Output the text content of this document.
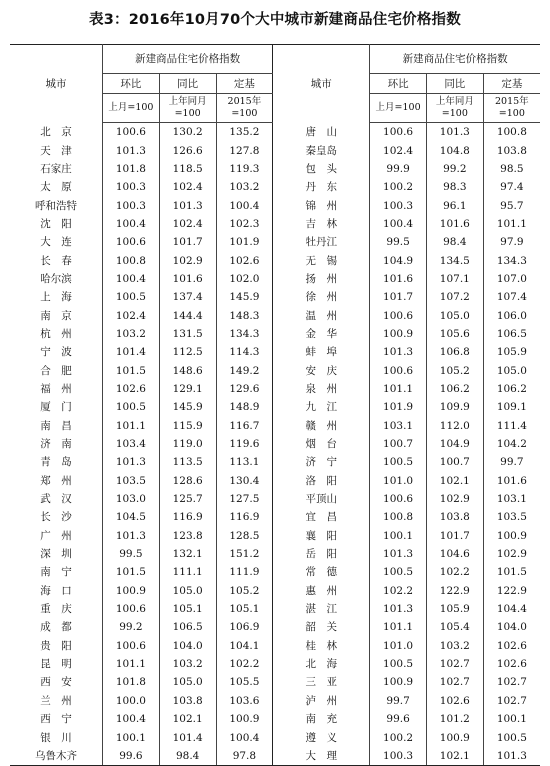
表3：2016年10月70个大中城市新建商品住宅价格指数
城市	新建商品住宅价格指数			城市	新建商品住宅价格指数		
	环比	同比	定基		环比	同比	定基
	上月=100	上年同月=100	2015年=100		上月=100	上年同月=100	2015年=100
北　京	100.6	130.2	135.2	唐　山	100.6	101.3	100.8
天　津	101.3	126.6	127.8	秦皇岛	102.4	104.8	103.8
石家庄	101.8	118.5	119.3	包　头	99.9	99.2	98.5
太　原	100.3	102.4	103.2	丹　东	100.2	98.3	97.4
呼和浩特	100.3	101.3	100.4	锦　州	100.3	96.1	95.7
沈　阳	100.4	102.4	102.3	吉　林	100.4	101.6	101.1
大　连	100.6	101.7	101.9	牡丹江	99.5	98.4	97.9
长　春	100.8	102.9	102.6	无　锡	104.9	134.5	134.3
哈尔滨	100.4	101.6	102.0	扬　州	101.6	107.1	107.0
上　海	100.5	137.4	145.9	徐　州	101.7	107.2	107.4
南　京	102.4	144.4	148.3	温　州	100.6	105.0	106.0
杭　州	103.2	131.5	134.3	金　华	100.9	105.6	106.5
宁　波	101.4	112.5	114.3	蚌　埠	101.3	106.8	105.9
合　肥	101.5	148.6	149.2	安　庆	100.6	105.2	105.0
福　州	102.6	129.1	129.6	泉　州	101.1	106.2	106.2
厦　门	100.5	145.9	148.9	九　江	101.9	109.9	109.1
南　昌	101.1	115.9	116.7	赣　州	103.1	112.0	111.4
济　南	103.4	119.0	119.6	烟　台	100.7	104.9	104.2
青　岛	101.3	113.5	113.1	济　宁	100.5	100.7	99.7
郑　州	103.5	128.6	130.4	洛　阳	101.0	102.1	101.6
武　汉	103.0	125.7	127.5	平顶山	100.6	102.9	103.1
长　沙	104.5	116.9	116.9	宜　昌	100.8	103.8	103.5
广　州	101.3	123.8	128.5	襄　阳	100.1	101.7	100.9
深　圳	99.5	132.1	151.2	岳　阳	101.3	104.6	102.9
南　宁	101.5	111.1	111.9	常　德	100.5	102.2	101.5
海　口	100.9	105.0	105.2	惠　州	102.2	122.9	122.9
重　庆	100.6	105.1	105.1	湛　江	101.3	105.9	104.4
成　都	99.2	106.5	106.9	韶　关	101.1	105.4	104.0
贵　阳	100.6	104.0	104.1	桂　林	101.0	103.2	102.6
昆　明	101.1	103.2	102.2	北　海	100.5	102.7	102.6
西　安	101.8	105.0	105.5	三　亚	100.9	102.7	102.7
兰　州	100.0	103.8	103.6	泸　州	99.7	102.6	102.7
西　宁	100.4	102.1	100.9	南　充	99.6	101.2	100.1
银　川	100.1	101.4	100.4	遵　义	100.2	100.9	100.5
乌鲁木齐	99.6	98.4	97.8	大　理	100.3	102.1	101.3
